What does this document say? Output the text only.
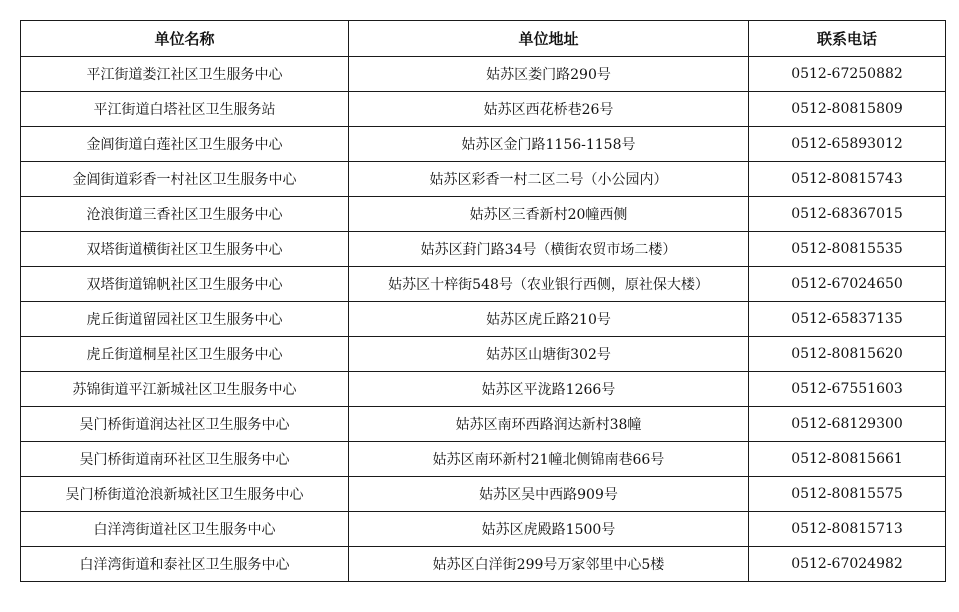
单位名称	单位地址	联系电话
平江街道娄江社区卫生服务中心	姑苏区娄门路290号	0512-67250882
平江街道白塔社区卫生服务站	姑苏区西花桥巷26号	0512-80815809
金阊街道白莲社区卫生服务中心	姑苏区金门路1156-1158号	0512-65893012
金阊街道彩香一村社区卫生服务中心	姑苏区彩香一村二区二号（小公园内）	0512-80815743
沧浪街道三香社区卫生服务中心	姑苏区三香新村20幢西侧	0512-68367015
双塔街道横街社区卫生服务中心	姑苏区葑门路34号（横街农贸市场二楼）	0512-80815535
双塔街道锦帆社区卫生服务中心	姑苏区十梓街548号（农业银行西侧，原社保大楼）	0512-67024650
虎丘街道留园社区卫生服务中心	姑苏区虎丘路210号	0512-65837135
虎丘街道桐星社区卫生服务中心	姑苏区山塘街302号	0512-80815620
苏锦街道平江新城社区卫生服务中心	姑苏区平泷路1266号	0512-67551603
吴门桥街道润达社区卫生服务中心	姑苏区南环西路润达新村38幢	0512-68129300
吴门桥街道南环社区卫生服务中心	姑苏区南环新村21幢北侧锦南巷66号	0512-80815661
吴门桥街道沧浪新城社区卫生服务中心	姑苏区吴中西路909号	0512-80815575
白洋湾街道社区卫生服务中心	姑苏区虎殿路1500号	0512-80815713
白洋湾街道和泰社区卫生服务中心	姑苏区白洋街299号万家邻里中心5楼	0512-67024982
